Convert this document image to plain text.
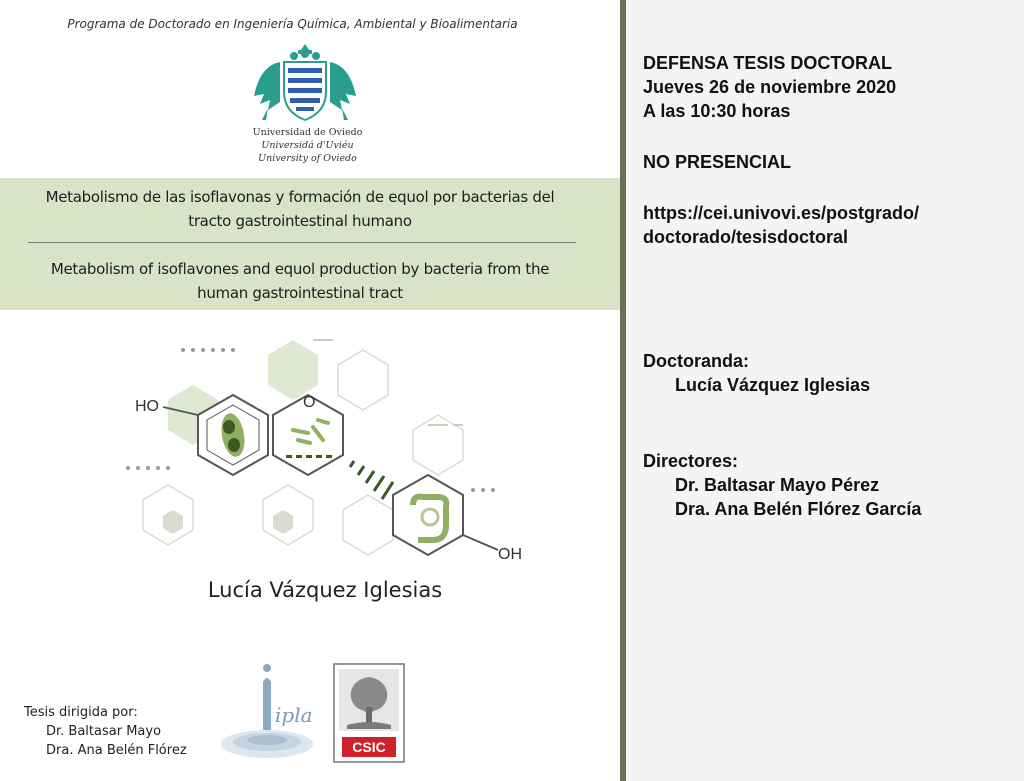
Programa de Doctorado en Ingeniería Química, Ambiental y Bioalimentaria
Universidad de Oviedo
Universidá d'Uviéu
University of Oviedo
Metabolismo de las isoflavonas y formación de equol por bacterias del
tracto gastrointestinal humano
Metabolism of isoflavones and equol production by bacteria from the
human gastrointestinal tract
HO	O
OH
Lucía Vázquez Iglesias
Tesis dirigida por:
Dr. Baltasar Mayo
Dra. Ana Belén Flórez
ipla
CSIC
DEFENSA TESIS DOCTORAL
Jueves 26 de noviembre 2020
A las 10:30 horas
NO PRESENCIAL
https://cei.univovi.es/postgrado/
doctorado/tesisdoctoral
Doctoranda:
Lucía Vázquez Iglesias
Directores:
Dr. Baltasar Mayo Pérez
Dra. Ana Belén Flórez García
